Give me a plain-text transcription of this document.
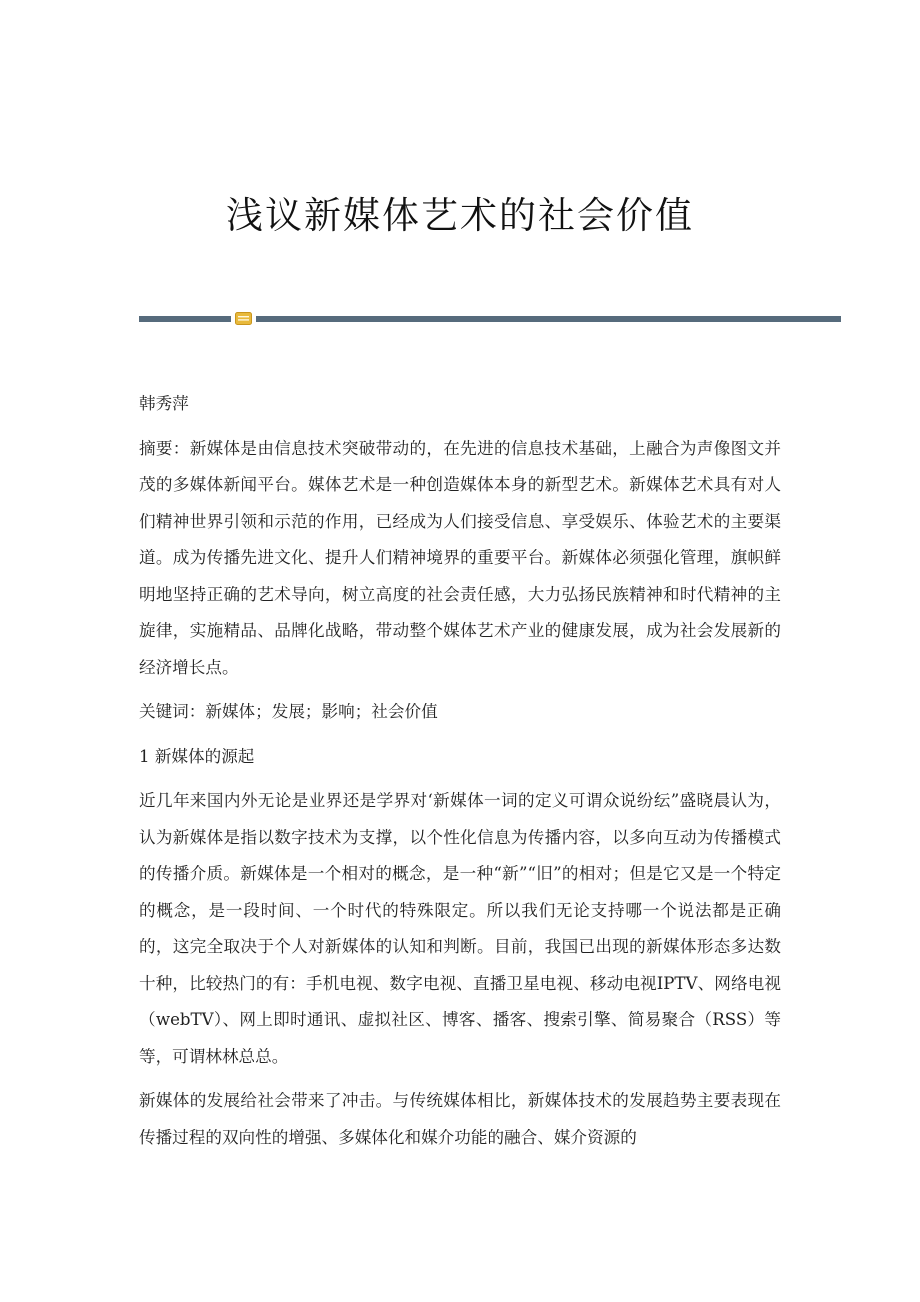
浅议新媒体艺术的社会价值

韩秀萍

摘要：新媒体是由信息技术突破带动的，在先进的信息技术基础，上融合为声像图文并茂的多媒体新闻平台。媒体艺术是一种创造媒体本身的新型艺术。新媒体艺术具有对人们精神世界引领和示范的作用，已经成为人们接受信息、享受娱乐、体验艺术的主要渠道。成为传播先进文化、提升人们精神境界的重要平台。新媒体必须强化管理，旗帜鲜明地坚持正确的艺术导向，树立高度的社会责任感，大力弘扬民族精神和时代精神的主旋律，实施精品、品牌化战略，带动整个媒体艺术产业的健康发展，成为社会发展新的经济增长点。

关键词：新媒体；发展；影响；社会价值

1 新媒体的源起

近几年来国内外无论是业界还是学界对‘新媒体一词的定义可谓众说纷纭”盛晓晨认为，认为新媒体是指以数字技术为支撑，以个性化信息为传播内容，以多向互动为传播模式的传播介质。新媒体是一个相对的概念，是一种“新”“旧”的相对；但是它又是一个特定的概念，是一段时间、一个时代的特殊限定。所以我们无论支持哪一个说法都是正确的，这完全取决于个人对新媒体的认知和判断。目前，我国已出现的新媒体形态多达数十种，比较热门的有：手机电视、数字电视、直播卫星电视、移动电视IPTV、网络电视（webTV）、网上即时通讯、虚拟社区、博客、播客、搜索引擎、简易聚合（RSS）等等，可谓林林总总。

新媒体的发展给社会带来了冲击。与传统媒体相比，新媒体技术的发展趋势主要表现在传播过程的双向性的增强、多媒体化和媒介功能的融合、媒介资源的
